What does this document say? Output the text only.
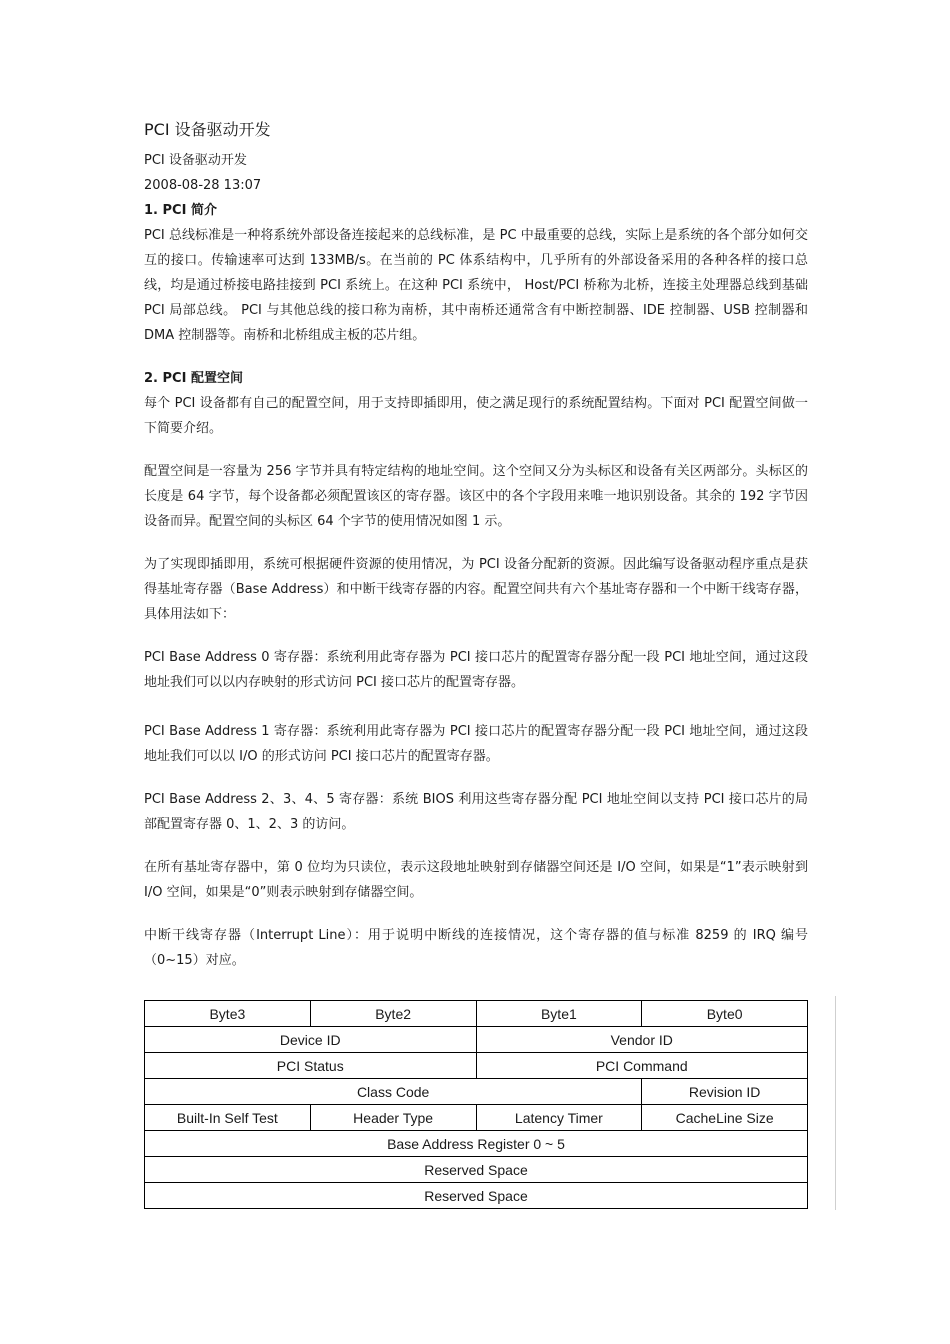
PCI 设备驱动开发

PCI 设备驱动开发

2008-08-28 13:07

1. PCI 简介

PCI 总线标准是一种将系统外部设备连接起来的总线标准，是 PC 中最重要的总线，实际上是系统的各个部分如何交互的接口。传输速率可达到 133MB/s。在当前的 PC 体系结构中，几乎所有的外部设备采用的各种各样的接口总线，均是通过桥接电路挂接到 PCI 系统上。在这种 PCI 系统中， Host/PCI 桥称为北桥，连接主处理器总线到基础 PCI 局部总线。 PCI 与其他总线的接口称为南桥，其中南桥还通常含有中断控制器、IDE 控制器、USB 控制器和 DMA 控制器等。南桥和北桥组成主板的芯片组。

2. PCI 配置空间

每个 PCI 设备都有自己的配置空间，用于支持即插即用，使之满足现行的系统配置结构。下面对 PCI 配置空间做一下简要介绍。

配置空间是一容量为 256 字节并具有特定结构的地址空间。这个空间又分为头标区和设备有关区两部分。头标区的长度是 64 字节，每个设备都必须配置该区的寄存器。该区中的各个字段用来唯一地识别设备。其余的 192 字节因设备而异。配置空间的头标区 64 个字节的使用情况如图 1 示。

为了实现即插即用，系统可根据硬件资源的使用情况，为 PCI 设备分配新的资源。因此编写设备驱动程序重点是获得基址寄存器（Base Address）和中断干线寄存器的内容。配置空间共有六个基址寄存器和一个中断干线寄存器，具体用法如下：

PCI Base Address 0 寄存器：系统利用此寄存器为 PCI 接口芯片的配置寄存器分配一段 PCI 地址空间，通过这段地址我们可以以内存映射的形式访问 PCI 接口芯片的配置寄存器。

PCI Base Address 1 寄存器：系统利用此寄存器为 PCI 接口芯片的配置寄存器分配一段 PCI 地址空间，通过这段地址我们可以以 I/O 的形式访问 PCI 接口芯片的配置寄存器。

PCI Base Address 2、3、4、5 寄存器：系统 BIOS 利用这些寄存器分配 PCI 地址空间以支持 PCI 接口芯片的局部配置寄存器 0、1、2、3 的访问。

在所有基址寄存器中，第 0 位均为只读位，表示这段地址映射到存储器空间还是 I/O 空间，如果是“1”表示映射到 I/O 空间，如果是“0”则表示映射到存储器空间。

中断干线寄存器（Interrupt Line）：用于说明中断线的连接情况，这个寄存器的值与标准 8259 的 IRQ 编号（0~15）对应。

Byte3	Byte2	Byte1	Byte0
Device ID		Vendor ID	
PCI Status		PCI Command	
Class Code			Revision ID
Built-In Self Test	Header Type	Latency Timer	CacheLine Size
Base Address Register 0 ~ 5			
Reserved Space			
Reserved Space			
